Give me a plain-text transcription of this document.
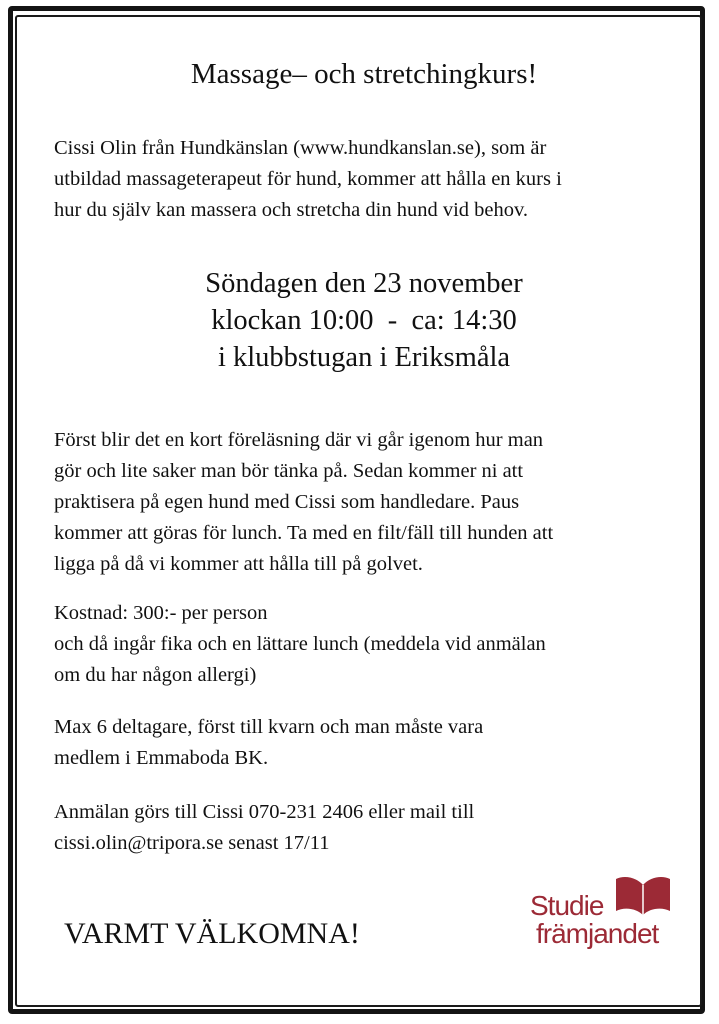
Massage– och stretchingkurs!
Cissi Olin från Hundkänslan (www.hundkanslan.se), som är
utbildad massageterapeut för hund, kommer att hålla en kurs i
hur du själv kan massera och stretcha din hund vid behov.
Söndagen den 23 november
klockan 10:00  -  ca: 14:30
i klubbstugan i Eriksmåla
Först blir det en kort föreläsning där vi går igenom hur man
gör och lite saker man bör tänka på. Sedan kommer ni att
praktisera på egen hund med Cissi som handledare. Paus
kommer att göras för lunch. Ta med en filt/fäll till hunden att
ligga på då vi kommer att hålla till på golvet.
Kostnad: 300:- per person
och då ingår fika och en lättare lunch (meddela vid anmälan
om du har någon allergi)
Max 6 deltagare, först till kvarn och man måste vara
medlem i Emmaboda BK.
Anmälan görs till Cissi 070-231 2406 eller mail till
cissi.olin@tripora.se senast 17/11
VARMT VÄLKOMNA!
Studie
främjandet
